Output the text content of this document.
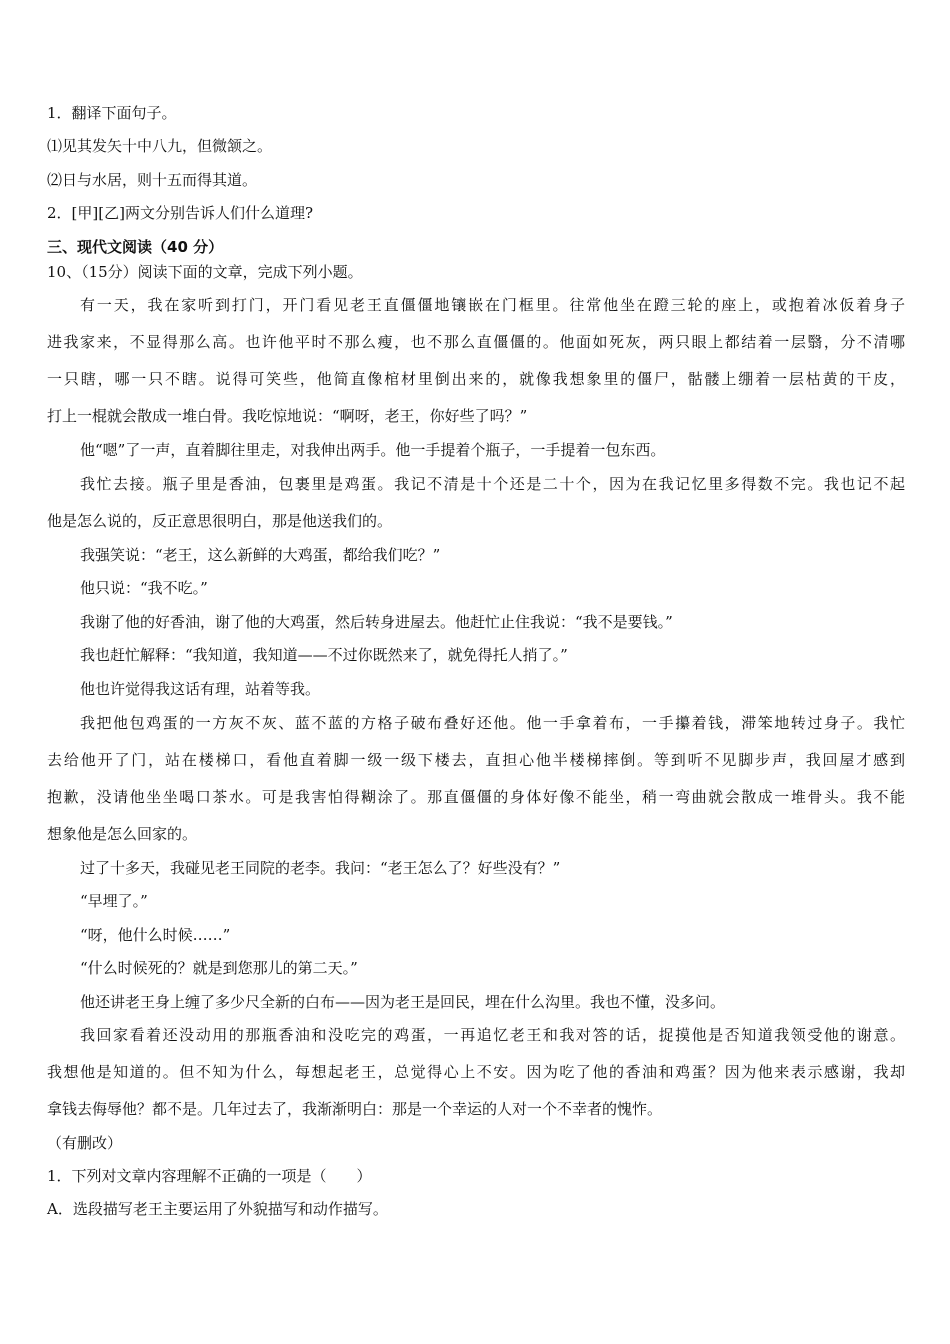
1．翻译下面句子。
⑴见其发矢十中八九，但微颔之。
⑵日与水居，则十五而得其道。
2．[甲][乙]两文分别告诉人们什么道理?
三、现代文阅读（40 分）
10、（15分）阅读下面的文章，完成下列小题。
有一天，我在家听到打门，开门看见老王直僵僵地镶嵌在门框里。往常他坐在蹬三轮的座上，或抱着冰仮着身子
进我家来，不显得那么高。也许他平时不那么瘦，也不那么直僵僵的。他面如死灰，两只眼上都结着一层翳，分不清哪
一只瞎，哪一只不瞎。说得可笑些，他简直像棺材里倒出来的，就像我想象里的僵尸，骷髅上绷着一层枯黄的干皮，
打上一棍就会散成一堆白骨。我吃惊地说：“啊呀，老王，你好些了吗？”
他“嗯”了一声，直着脚往里走，对我伸出两手。他一手提着个瓶子，一手提着一包东西。
我忙去接。瓶子里是香油，包裹里是鸡蛋。我记不清是十个还是二十个，因为在我记忆里多得数不完。我也记不起
他是怎么说的，反正意思很明白，那是他送我们的。
我强笑说：“老王，这么新鲜的大鸡蛋，都给我们吃？”
他只说：“我不吃。”
我谢了他的好香油，谢了他的大鸡蛋，然后转身进屋去。他赶忙止住我说：“我不是要钱。”
我也赶忙解释：“我知道，我知道——不过你既然来了，就免得托人捎了。”
他也许觉得我这话有理，站着等我。
我把他包鸡蛋的一方灰不灰、蓝不蓝的方格子破布叠好还他。他一手拿着布，一手攥着钱，滞笨地转过身子。我忙
去给他开了门，站在楼梯口，看他直着脚一级一级下楼去，直担心他半楼梯摔倒。等到听不见脚步声，我回屋才感到
抱歉，没请他坐坐喝口茶水。可是我害怕得糊涂了。那直僵僵的身体好像不能坐，稍一弯曲就会散成一堆骨头。我不能
想象他是怎么回家的。
过了十多天，我碰见老王同院的老李。我问：“老王怎么了？好些没有？”
“早埋了。”
“呀，他什么时候……”
“什么时候死的？就是到您那儿的第二天。”
他还讲老王身上缠了多少尺全新的白布——因为老王是回民，埋在什么沟里。我也不懂，没多问。
我回家看着还没动用的那瓶香油和没吃完的鸡蛋，一再追忆老王和我对答的话，捉摸他是否知道我领受他的谢意。
我想他是知道的。但不知为什么，每想起老王，总觉得心上不安。因为吃了他的香油和鸡蛋？因为他来表示感谢，我却
拿钱去侮辱他？都不是。几年过去了，我渐渐明白：那是一个幸运的人对一个不幸者的愧怍。
（有删改）
1．下列对文章内容理解不正确的一项是（　　）
A．选段描写老王主要运用了外貌描写和动作描写。
